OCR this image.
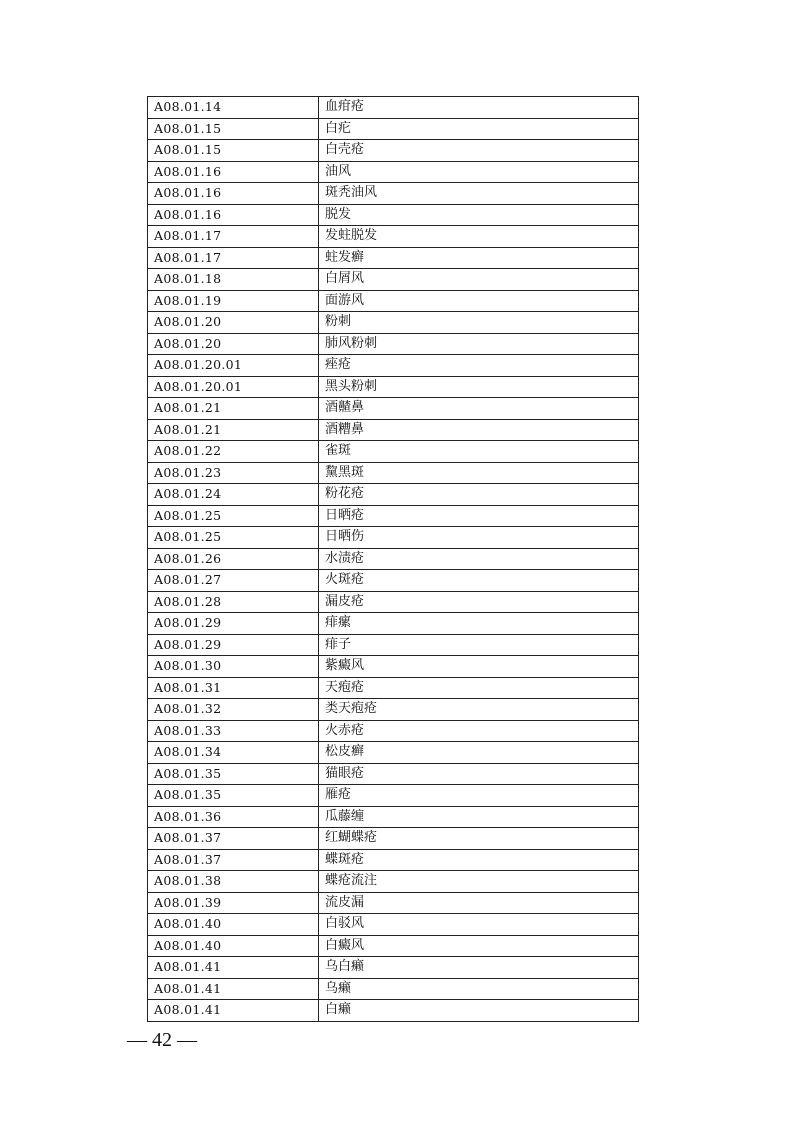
A08.01.14	血疳疮
A08.01.15	白疕
A08.01.15	白壳疮
A08.01.16	油风
A08.01.16	斑秃油风
A08.01.16	脱发
A08.01.17	发蛀脱发
A08.01.17	蛀发癣
A08.01.18	白屑风
A08.01.19	面游风
A08.01.20	粉刺
A08.01.20	肺风粉刺
A08.01.20.01	痤疮
A08.01.20.01	黑头粉刺
A08.01.21	酒齄鼻
A08.01.21	酒糟鼻
A08.01.22	雀斑
A08.01.23	黧黑斑
A08.01.24	粉花疮
A08.01.25	日晒疮
A08.01.25	日晒伤
A08.01.26	水渍疮
A08.01.27	火斑疮
A08.01.28	漏皮疮
A08.01.29	痱瘰
A08.01.29	痱子
A08.01.30	紫癜风
A08.01.31	天疱疮
A08.01.32	类天疱疮
A08.01.33	火赤疮
A08.01.34	松皮癣
A08.01.35	猫眼疮
A08.01.35	雁疮
A08.01.36	瓜藤缠
A08.01.37	红蝴蝶疮
A08.01.37	蝶斑疮
A08.01.38	蝶疮流注
A08.01.39	流皮漏
A08.01.40	白驳风
A08.01.40	白癜风
A08.01.41	乌白癞
A08.01.41	乌癞
A08.01.41	白癞
— 42 —
